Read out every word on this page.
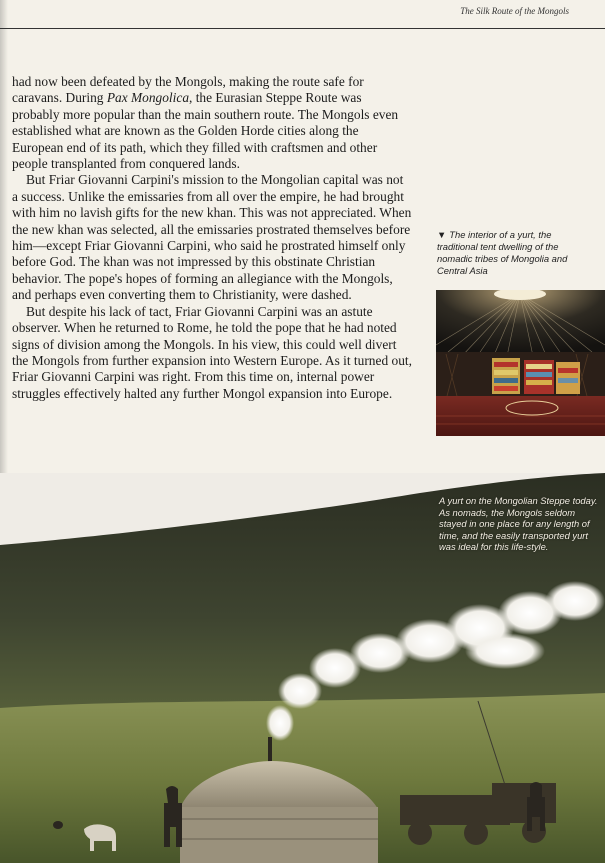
The Silk Route of the Mongols

had now been defeated by the Mongols, making the route safe for caravans. During Pax Mongolica, the Eurasian Steppe Route was probably more popular than the main southern route. The Mongols even established what are known as the Golden Horde cities along the European end of its path, which they filled with craftsmen and other people transplanted from conquered lands.

But Friar Giovanni Carpini's mission to the Mongolian capital was not a success. Unlike the emissaries from all over the empire, he had brought with him no lavish gifts for the new khan. This was not appreciated. When the new khan was selected, all the emissaries prostrated themselves before him—except Friar Giovanni Carpini, who said he prostrated himself only before God. The khan was not impressed by this obstinate Christian behavior. The pope's hopes of forming an allegiance with the Mongols, and perhaps even converting them to Christianity, were dashed.

But despite his lack of tact, Friar Giovanni Carpini was an astute observer. When he returned to Rome, he told the pope that he had noted signs of division among the Mongols. In his view, this could well divert the Mongols from further expansion into Western Europe. As it turned out, Friar Giovanni Carpini was right. From this time on, internal power struggles effectively halted any further Mongol expansion into Europe.

▼ The interior of a yurt, the traditional tent dwelling of the nomadic tribes of Mongolia and Central Asia
A yurt on the Mongolian Steppe today. As nomads, the Mongols seldom stayed in one place for any length of time, and the easily transported yurt was ideal for this life-style.
